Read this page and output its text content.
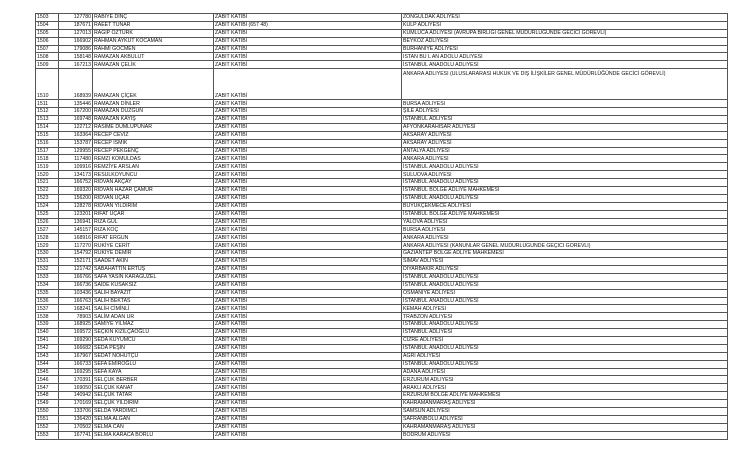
1503	127780	RABİYE DİNÇ	ZABIT KATİBİ	ZONGULDAK ADLIYESI
1504	187671	RAEET TUNAR	ZABIT KATİBİ (657 48)	KULP ADLIYESI
1505	127013	RAGIP ÖZTÜRK	ZABIT KATİBİ	KUMLUCA ADLIYESI (AVRUPA BIRLIGI GENEL MUDURLUGUNDE GECICI GOREVLI)
1506	166902	RAHMAN AYKUT KOCAMAN	ZABIT KATİBİ	BEYKOZ ADLIYESI
1507	179086	RAHMI GOCMEN	ZABIT KATİBİ	BURHANIYE ADLIYESI
1508	158148	RAMAZAN AKBULUT	ZABIT KATİBİ	ISTAN BU L AN ADOLU ADLIYESI
1509	167213	RAMAZAN ÇELİK	ZABIT KATİBİ	İSTANBUL ANADOLU ADLIYESI
1510	168939	RAMAZAN ÇİÇEK	ZABIT KATİBİ	ANKARA ADLIYESI (ULUSLARARASI HUKUK VE DIŞ İLİŞKİLER GENEL MÜDÜRLÜĞÜNDE GECİCİ GÖREVLİ)
1511	135446	RAMAZAN DİNLER	ZABIT KATİBİ	BURSA ADLIYESI
1512	167200	RAMAZAN DUZGUN	ZABIT KATİBİ	ŞILE ADLIYESI
1513	169748	RAMAZAN KAYIŞ	ZABIT KATİBİ	İSTANBUL ADLIYESI
1514	122712	RASİME DUMLUPUNAR	ZABIT KATİBİ	AFYONKARAHISAR ADLIYESI
1515	163364	RECEP CEVİZ	ZABIT KATİBİ	AKSARAY ADLIYESI
1516	153787	RECEP ISMIK	ZABIT KATİBİ	AKSARAY ADLIYESI
1517	129955	RECEP PEKGENÇ	ZABIT KATİBİ	ANTALYA ADLIYESI
1518	117480	REMZI KOMULDAS	ZABIT KATİBİ	ANKARA ADLIYESI
1519	109916	REMZİYE ARSLAN	ZABIT KATİBİ	İSTANBUL ANADOLU ADLIYESI
1520	134173	RESULKOYUNCU	ZABIT KATİBİ	SULUOVA ADLIYESI
1521	166752	RIDVAN AKÇAY	ZABIT KATİBİ	İSTANBUL ANADOLU ADLIYESI
1522	169320	RIDVAN HAZAR ÇAMUR	ZABIT KATİBİ	İSTANBUL BOLGE ADLIYE MAHKEMESI
1523	156200	RIDVAN UÇAR	ZABIT KATİBİ	İSTANBUL ANADOLU ADLIYESI
1524	128278	RIDVAN YILDIRIM	ZABIT KATİBİ	BUYUKÇEKMECE ADLIYESI
1525	123201	RIFAT UÇAR	ZABIT KATİBİ	İSTANBUL BOLGE ADLIYE MAHKEMESI
1526	136941	RIZA GÜL	ZABIT KATİBİ	YALOVA ADLIYESI
1527	145157	RIZA KOÇ	ZABIT KATİBİ	BURSA ADLIYESI
1528	168916	RIFAT ERGUN	ZABIT KATİBİ	ANKARA ADLIYESI
1529	117270	RUKİYE CERİT	ZABIT KATİBİ	ANKARA ADLIYESI (KANUNLAR GENEL MUDURLUGUNDE GEÇICI GOREVLI)
1530	154792	RUKİYE DEMİR	ZABIT KATİBİ	GAZIANTEP BOLGE ADLIYE MAHKEMESI
1531	152171	SAADET AKIN	ZABIT KATİBİ	SIMAV ADLIYESI
1532	121742	SABAHATTİN ERTUŞ	ZABIT KATİBİ	DİYARBAKIR ADLIYESI
1533	166766	SAFA YASIN KARAGUZEL	ZABIT KATİBİ	İSTANBUL ANADOLU ADLIYESI
1534	166736	SAİDE KUSAKSIZ	ZABIT KATİBİ	İSTANBUL ANADOLU ADLIYESI
1535	103436	SALİH BAYAZIT	ZABIT KATİBİ	OSMANIYE ADLIYESI
1536	166763	SALİH BEKTAS	ZABIT KATİBİ	İSTANBUL ANADOLU ADLIYESI
1537	168241	SALİH CİMİNLİ	ZABIT KATİBİ	KEMAH ADLIYESI
1538	78903	SALİM ADAN UR	ZABIT KATİBİ	TRABZON ADLIYESI
1539	168925	SAMİYE YILMAZ	ZABIT KATİBİ	İSTANBUL ANADOLU ADLIYESI
1540	169572	SEÇKİN KIZILÇAOĞLU	ZABIT KATİBİ	İSTANBUL ADLIYESI
1541	169290	SEDA KUYUMCU	ZABIT KATİBİ	CİZRE ADLIYESI
1542	166682	SEDA PEŞİN	ZABIT KATİBİ	İSTANBUL ANADOLU ADLIYESI
1543	167967	SEDAT NOHUTÇU	ZABIT KATİBİ	AGRI ADLIYESI
1544	166733	SEFA EMİROĞLU	ZABIT KATİBİ	İSTANBUL ANADOLU ADLIYESI
1545	169295	SEFA KAYA	ZABIT KATİBİ	ADANA ADLIYESI
1546	170391	SELÇUK BERBER	ZABIT KATİBİ	ERZURUM ADLIYESI
1547	169050	SELÇUK KANAT	ZABIT KATİBİ	ARAKLI ADLIYESI
1548	140942	SELÇUK TATAR	ZABIT KATİBİ	ERZURUM BOLGE ADLIYE MAHKEMESI
1549	170169	SELÇUK YILDIRIM	ZABIT KATİBİ	KAHRAMANMARAŞ ADLIYESI
1550	133706	SELDA YARDIMCI	ZABIT KATİBİ	SAMSUN ADLIYESI
1551	136420	SELMA ALGAN	ZABIT KATİBİ	SAFRANBOLU ADLIYESI
1552	170502	SELMA CAN	ZABIT KATİBİ	KAHRAMANMARAŞ ADLIYESI
1553	167741	SELMA KARACA BORLU	ZABIT KATİBİ	BODRUM ADLIYESI
